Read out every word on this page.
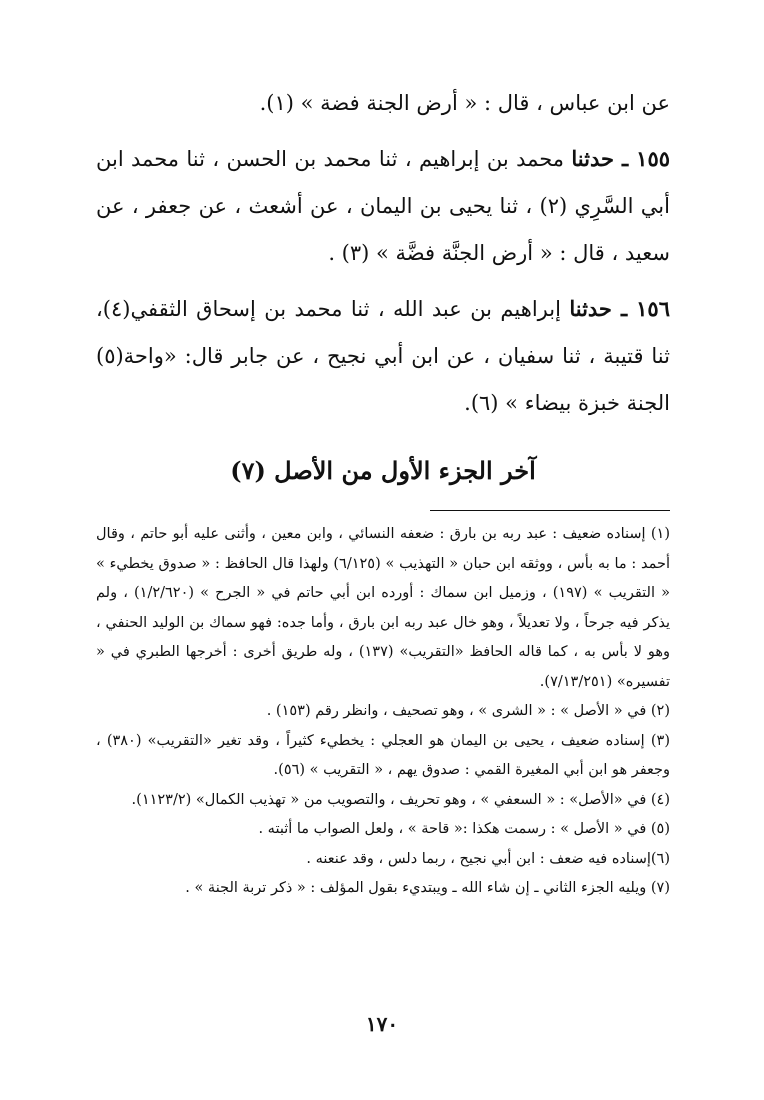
عن ابن عباس ، قال : « أرض الجنة فضة » (١).

١٥٥ ـ حدثنا محمد بن إبراهيم ، ثنا محمد بن الحسن ، ثنا محمد ابن أبي السَّرِي (٢) ، ثنا يحيى بن اليمان ، عن أشعث ، عن جعفر ، عن سعيد ، قال : « أرض الجنَّة فضَّة » (٣) .

١٥٦ ـ حدثنا إبراهيم بن عبد الله ، ثنا محمد بن إسحاق الثقفي(٤)، ثنا قتيبة ، ثنا سفيان ، عن ابن أبي نجيح ، عن جابر قال: «واحة(٥) الجنة خبزة بيضاء » (٦).

آخر الجزء الأول من الأصل (٧)

(١) إسناده ضعيف : عبد ربه بن بارق : ضعفه النسائي ، وابن معين ، وأثنى عليه أبو حاتم ، وقال أحمد : ما به بأس ، ووثقه ابن حبان « التهذيب » (٦/١٢٥) ولهذا قال الحافظ : « صدوق يخطيء » « التقريب » (١٩٧) ، وزميل ابن سماك : أورده ابن أبي حاتم في « الجرح » (١/٢/٦٢٠) ، ولم يذكر فيه جرحاً ، ولا تعديلاً ، وهو خال عبد ربه ابن بارق ، وأما جده: فهو سماك بن الوليد الحنفي ، وهو لا بأس به ، كما قاله الحافظ «التقريب» (١٣٧) ، وله طريق أخرى : أخرجها الطبري في « تفسيره» (٧/١٣/٢٥١).

(٢) في « الأصل » : « الشرى » ، وهو تصحيف ، وانظر رقم (١٥٣) .

(٣) إسناده ضعيف ، يحيى بن اليمان هو العجلي : يخطيء كثيراً ، وقد تغير «التقريب» (٣٨٠) ، وجعفر هو ابن أبي المغيرة القمي : صدوق يهم ، « التقريب » (٥٦).

(٤) في «الأصل» : « السعفي » ، وهو تحريف ، والتصويب من « تهذيب الكمال» (١١٢٣/٢).

(٥) في « الأصل » : رسمت هكذا :« قاحة » ، ولعل الصواب ما أثبته .

(٦)إسناده فيه ضعف : ابن أبي نجيح ، ربما دلس ، وقد عنعنه .

(٧) ويليه الجزء الثاني ـ إن شاء الله ـ ويبتديء بقول المؤلف : « ذكر تربة الجنة » .

١٧٠
